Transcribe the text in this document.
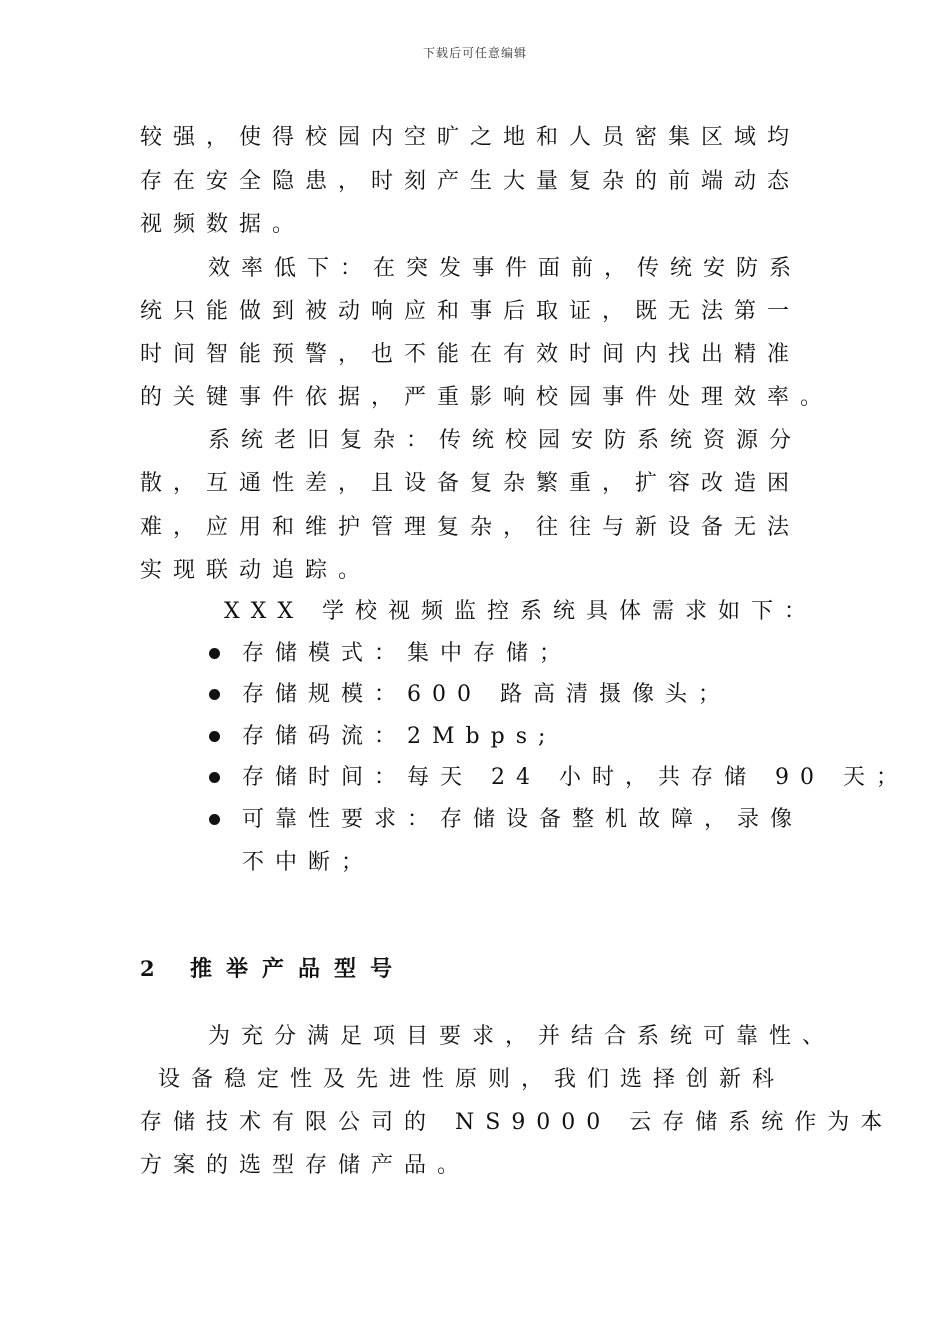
下载后可任意编辑
较强，使得校园内空旷之地和人员密集区域均
存在安全隐患，时刻产生大量复杂的前端动态
视频数据。
效率低下：在突发事件面前，传统安防系
统只能做到被动响应和事后取证，既无法第一
时间智能预警，也不能在有效时间内找出精准
的关键事件依据，严重影响校园事件处理效率。
系统老旧复杂：传统校园安防系统资源分
散，互通性差，且设备复杂繁重，扩容改造困
难，应用和维护管理复杂，往往与新设备无法
实现联动追踪。
XXX 学校视频监控系统具体需求如下：
存储模式：集中存储；
存储规模：600 路高清摄像头；
存储码流：2Mbps;
存储时间：每天 24 小时，共存储 90 天；
可靠性要求：存储设备整机故障，录像
不中断；
2 推举产品型号
为充分满足项目要求，并结合系统可靠性、
设备稳定性及先进性原则，我们选择创新科
存储技术有限公司的 NS9000 云存储系统作为本
方案的选型存储产品。
